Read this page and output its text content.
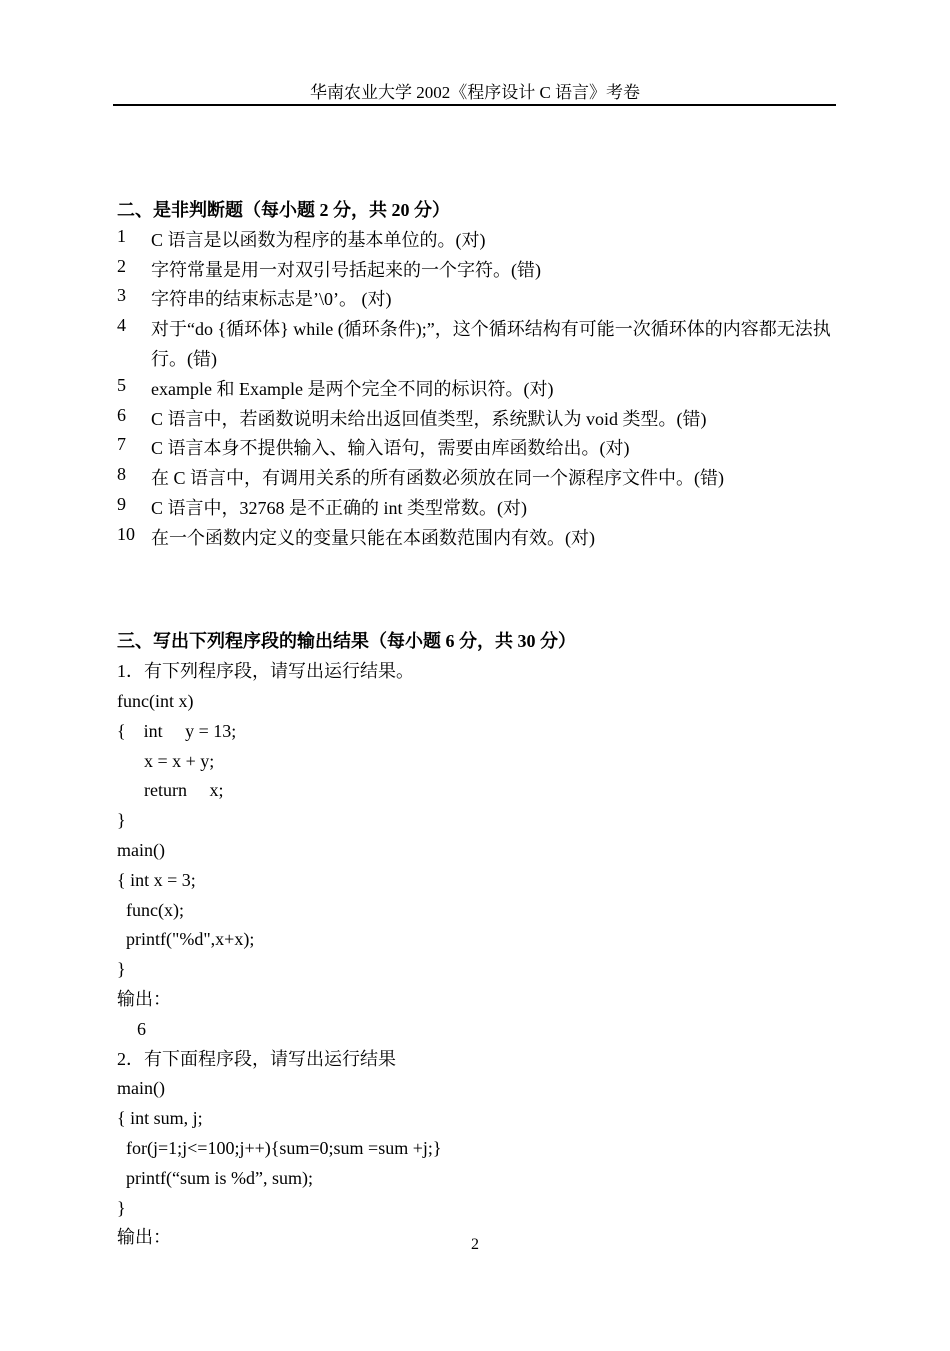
华南农业大学 2002《程序设计 C 语言》考卷
二、是非判断题（每小题 2 分，共 20 分）
1	C 语言是以函数为程序的基本单位的。(对)
2	字符常量是用一对双引号括起来的一个字符。(错)
3	字符串的结束标志是’\0’。 (对)
4	对于“do {循环体} while (循环条件);”，这个循环结构有可能一次循环体的内容都无法执行。(错)
5	example 和 Example 是两个完全不同的标识符。(对)
6	C 语言中，若函数说明未给出返回值类型，系统默认为 void 类型。(错)
7	C 语言本身不提供输入、输入语句，需要由库函数给出。(对)
8	在 C 语言中，有调用关系的所有函数必须放在同一个源程序文件中。(错)
9	C 语言中，32768 是不正确的 int 类型常数。(对)
10 在一个函数内定义的变量只能在本函数范围内有效。(对)
三、写出下列程序段的输出结果（每小题 6 分，共 30 分）
1．有下列程序段，请写出运行结果。
func(int x)
{    int     y = 13;
x = x + y;
return     x;
}
main()
{ int x = 3;
func(x);
printf("%d",x+x);
}
输出：
6
2．有下面程序段，请写出运行结果
main()
{ int sum, j;
for(j=1;j<=100;j++){sum=0;sum =sum +j;}
printf(“sum is %d”, sum);
}
输出：	2
